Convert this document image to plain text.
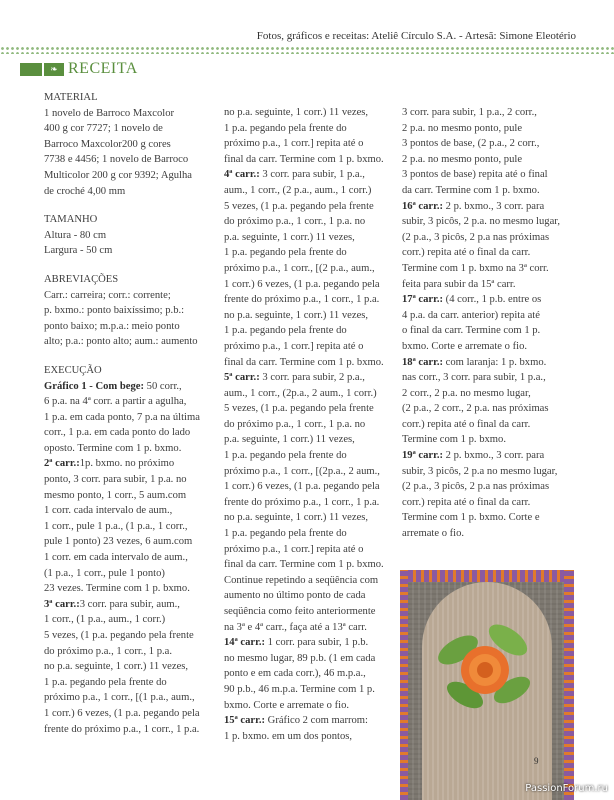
Fotos, gráficos e receitas: Ateliê Círculo S.A. - Artesã: Simone Eleotério
❧ RECEITA
MATERIAL
1 novelo de Barroco Maxcolor
400 g cor 7727; 1 novelo de
Barroco Maxcolor200 g cores
7738 e 4456; 1 novelo de Barroco
Multicolor 200 g cor 9392; Agulha
de croché 4,00 mm
TAMANHO
Altura - 80 cm
Largura - 50 cm
ABREVIAÇÕES
Carr.: carreira; corr.: corrente;
p. bxmo.: ponto baixíssimo; p.b.:
ponto baixo; m.p.a.: meio ponto
alto; p.a.: ponto alto; aum.: aumento
EXECUÇÃO
Gráfico 1 - Com bege: 50 corr.,
6 p.a. na 4ª corr. a partir a agulha,
1 p.a. em cada ponto, 7 p.a na última
corr., 1 p.a. em cada ponto do lado
oposto. Termine com 1 p. bxmo.
2ª carr.:1p. bxmo. no próximo
ponto, 3 corr. para subir, 1 p.a. no
mesmo ponto, 1 corr., 5 aum.com
1 corr. cada intervalo de aum.,
1 corr., pule 1 p.a., (1 p.a., 1 corr.,
pule 1 ponto) 23 vezes, 6 aum.com
1 corr. em cada intervalo de aum.,
(1 p.a., 1 corr., pule 1 ponto)
23 vezes. Termine com 1 p. bxmo.
3ª carr.:3 corr. para subir, aum.,
1 corr., (1 p.a., aum., 1 corr.)
5 vezes, (1 p.a. pegando pela frente
do próximo p.a., 1 corr., 1 p.a.
no p.a. seguinte, 1 corr.) 11 vezes,
1 p.a. pegando pela frente do
próximo p.a., 1 corr., [(1 p.a., aum.,
1 corr.) 6 vezes, (1 p.a. pegando pela
frente do próximo p.a., 1 corr., 1 p.a.
no p.a. seguinte, 1 corr.) 11 vezes,
1 p.a. pegando pela frente do
próximo p.a., 1 corr.] repita até o
final da carr. Termine com 1 p. bxmo.
4ª carr.: 3 corr. para subir, 1 p.a.,
aum., 1 corr., (2 p.a., aum., 1 corr.)
5 vezes, (1 p.a. pegando pela frente
do próximo p.a., 1 corr., 1 p.a. no
p.a. seguinte, 1 corr.) 11 vezes,
1 p.a. pegando pela frente do
próximo p.a., 1 corr., [(2 p.a., aum.,
1 corr.) 6 vezes, (1 p.a. pegando pela
frente do próximo p.a., 1 corr., 1 p.a.
no p.a. seguinte, 1 corr.) 11 vezes,
1 p.a. pegando pela frente do
próximo p.a., 1 corr.] repita até o
final da carr. Termine com 1 p. bxmo.
5ª carr.: 3 corr. para subir, 2 p.a.,
aum., 1 corr., (2p.a., 2 aum., 1 corr.)
5 vezes, (1 p.a. pegando pela frente
do próximo p.a., 1 corr., 1 p.a. no
p.a. seguinte, 1 corr.) 11 vezes,
1 p.a. pegando pela frente do
próximo p.a., 1 corr., [(2p.a., 2 aum.,
1 corr.) 6 vezes, (1 p.a. pegando pela
frente do próximo p.a., 1 corr., 1 p.a.
no p.a. seguinte, 1 corr.) 11 vezes,
1 p.a. pegando pela frente do
próximo p.a., 1 corr.] repita até o
final da carr. Termine com 1 p. bxmo.
Continue repetindo a seqüência com
aumento no último ponto de cada
seqüência como feito anteriormente
na 3ª e 4ª carr., faça até a 13ª carr.
14ª carr.: 1 corr. para subir, 1 p.b.
no mesmo lugar, 89 p.b. (1 em cada
ponto e em cada corr.), 46 m.p.a.,
90 p.b., 46 m.p.a. Termine com 1 p.
bxmo. Corte e arremate o fio.
15ª carr.: Gráfico 2 com marrom:
1 p. bxmo. em um dos pontos,
3 corr. para subir, 1 p.a., 2 corr.,
2 p.a. no mesmo ponto, pule
3 pontos de base, (2 p.a., 2 corr.,
2 p.a. no mesmo ponto, pule
3 pontos de base) repita até o final
da carr. Termine com 1 p. bxmo.
16ª carr.: 2 p. bxmo., 3 corr. para
subir, 3 picôs, 2 p.a. no mesmo lugar,
(2 p.a., 3 picôs, 2 p.a nas próximas
corr.) repita até o final da carr.
Termine com 1 p. bxmo na 3ª corr.
feita para subir da 15ª carr.
17ª carr.: (4 corr., 1 p.b. entre os
4 p.a. da carr. anterior) repita até
o final da carr. Termine com 1 p.
bxmo. Corte e arremate o fio.
18ª carr.: com laranja: 1 p. bxmo.
nas corr., 3 corr. para subir, 1 p.a.,
2 corr., 2 p.a. no mesmo lugar,
(2 p.a., 2 corr., 2 p.a. nas próximas
corr.) repita até o final da carr.
Termine com 1 p. bxmo.
19ª carr.: 2 p. bxmo., 3 corr. para
subir, 3 picôs, 2 p.a no mesmo lugar,
(2 p.a., 3 picôs, 2 p.a nas próximas
corr.) repita até o final da carr.
Termine com 1 p. bxmo. Corte e
arremate o fio.
9
PassionForum.ru
